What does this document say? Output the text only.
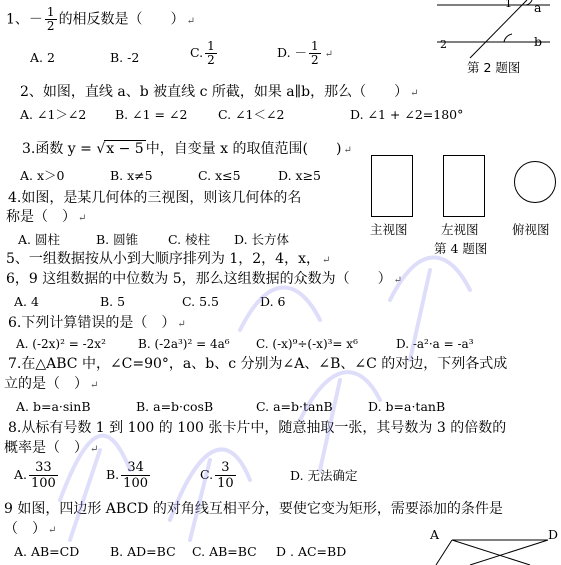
1、－ $\frac{1}{2}$ 的相反数是（　　） ↵
A. 2	B. -2	C. $\frac{1}{2}$	D. － $\frac{1}{2}$ ↵
a
b
1
2
第 2 题图
2、如图，直线 a、b 被直线 c 所截，如果 a∥b，那么（　　） ↵
A. ∠1＞∠2 B. ∠1 = ∠2 C. ∠1＜∠2	D. ∠1 + ∠2=180°
3.函数 y = √x − 5 中，自变量 x 的取值范围(　　) ↵
A. x＞0	B. x≠5	C. x≤5	D. x≥5
主视图	左视图	俯视图
第 4 题图
4.如图，是某几何体的三视图，则该几何体的名
称是（　） ↵
A. 圆柱	B. 圆锥 C. 棱柱 D. 长方体
5、一组数据按从小到大顺序排列为 1，2，4，x， ↵
6，9 这组数据的中位数为 5，那么这组数据的众数为（　　） ↵
A. 4	B. 5	C. 5.5	D. 6
6.下列计算错误的是（　） ↵
A. (-2x)² = -2x²	B. (-2a³)² = 4a⁶ C. (-x)⁹÷(-x)³= x⁶	D. -a²·a = -a³
7.在△ABC 中，∠C=90°，a、b、c 分别为∠A、∠B、∠C 的对边，下列各式成
立的是（　） ↵
A. b=a·sinB	B. a=b·cosB	C. a=b·tanB	D. b=a·tanB
8.从标有号数 1 到 100 的 100 张卡片中，随意抽取一张，其号数为 3 的倍数的
概率是（　） ↵
A. $\frac{33}{100}$	B. $\frac{34}{100}$	C. $\frac{3}{10}$	D. 无法确定
9 如图，四边形 ABCD 的对角线互相平分，要使它变为矩形，需要添加的条件是
（　） ↵
A. AB=CD B. AD=BC C. AB=BC D . AC=BD
A	D
